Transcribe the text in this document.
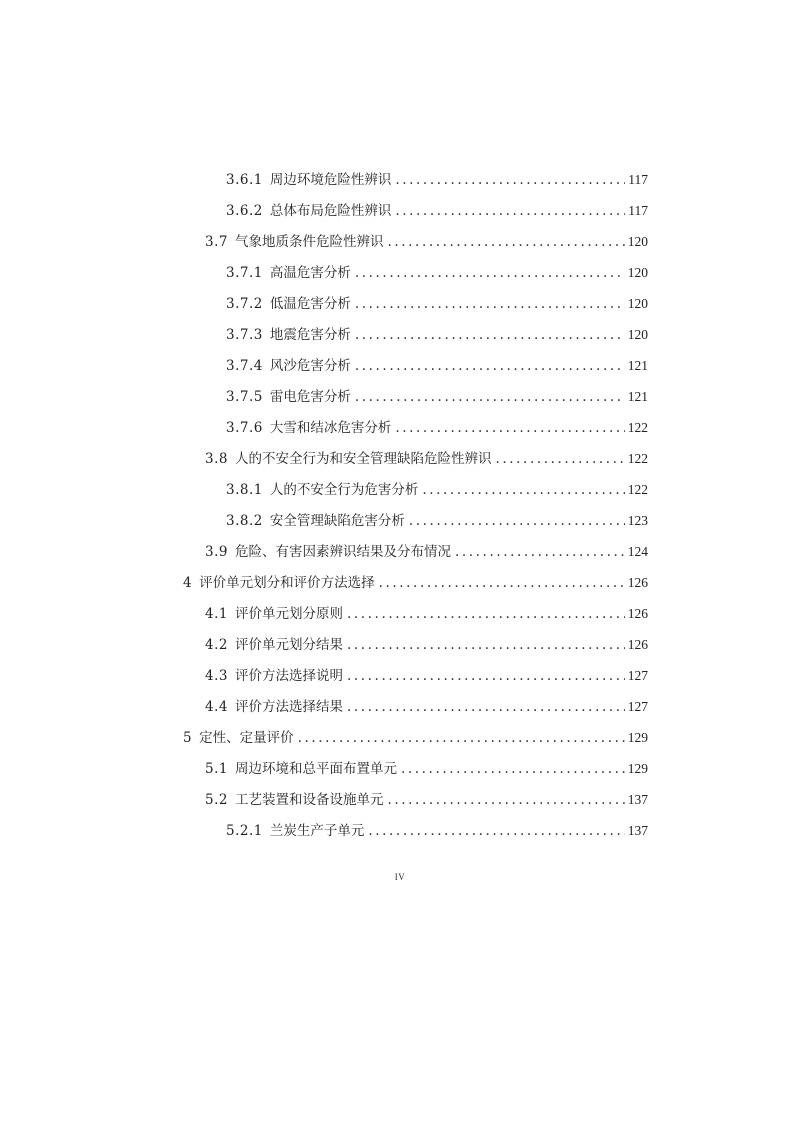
3.6.1 周边环境危险性辨识 .....	117
3.6.2 总体布局危险性辨识 .....	117
3.7 气象地质条件危险性辨识 .....	120
3.7.1 高温危害分析 .....	120
3.7.2 低温危害分析 .....	120
3.7.3 地震危害分析 .....	120
3.7.4 风沙危害分析 .....	121
3.7.5 雷电危害分析 .....	121
3.7.6 大雪和结冰危害分析 .....	122
3.8 人的不安全行为和安全管理缺陷危险性辨识 .....	122
3.8.1 人的不安全行为危害分析 .....	122
3.8.2 安全管理缺陷危害分析 .....	123
3.9 危险、有害因素辨识结果及分布情况 .....	124
4 评价单元划分和评价方法选择 .....	126
4.1 评价单元划分原则 .....	126
4.2 评价单元划分结果 .....	126
4.3 评价方法选择说明 .....	127
4.4 评价方法选择结果 .....	127
5 定性、定量评价 .....	129
5.1 周边环境和总平面布置单元 .....	129
5.2 工艺装置和设备设施单元 .....	137
5.2.1 兰炭生产子单元 .....	137
IV
